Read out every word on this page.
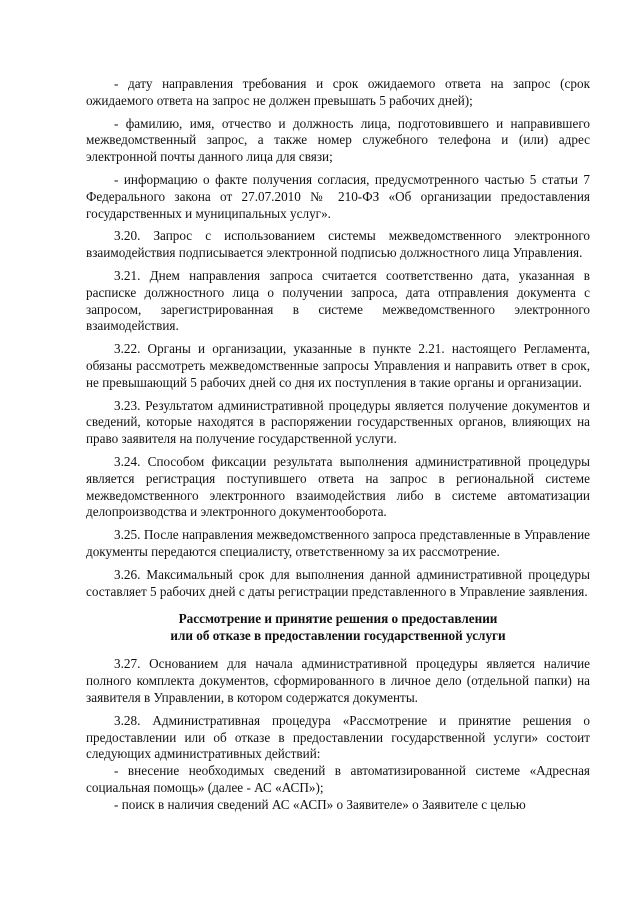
- дату направления требования и срок ожидаемого ответа на запрос (срок ожидаемого ответа на запрос не должен превышать 5 рабочих дней);

- фамилию, имя, отчество и должность лица, подготовившего и направившего межведомственный запрос, а также номер служебного телефона и (или) адрес электронной почты данного лица для связи;

- информацию о факте получения согласия, предусмотренного частью 5 статьи 7 Федерального закона от 27.07.2010 № 210-ФЗ «Об организации предоставления государственных и муниципальных услуг».

3.20. Запрос с использованием системы межведомственного электронного взаимодействия подписывается электронной подписью должностного лица Управления.

3.21. Днем направления запроса считается соответственно дата, указанная в расписке должностного лица о получении запроса, дата отправления документа с запросом, зарегистрированная в системе межведомственного электронного взаимодействия.

3.22. Органы и организации, указанные в пункте 2.21. настоящего Регламента, обязаны рассмотреть межведомственные запросы Управления и направить ответ в срок, не превышающий 5 рабочих дней со дня их поступления в такие органы и организации.

3.23. Результатом административной процедуры является получение документов и сведений, которые находятся в распоряжении государственных органов, влияющих на право заявителя на получение государственной услуги.

3.24. Способом фиксации результата выполнения административной процедуры является регистрация поступившего ответа на запрос в региональной системе межведомственного электронного взаимодействия либо в системе автоматизации делопроизводства и электронного документооборота.

3.25. После направления межведомственного запроса представленные в Управление документы передаются специалисту, ответственному за их рассмотрение.

3.26. Максимальный срок для выполнения данной административной процедуры составляет 5 рабочих дней с даты регистрации представленного в Управление заявления.

Рассмотрение и принятие решения о предоставлении
или об отказе в предоставлении государственной услуги

3.27. Основанием для начала административной процедуры является наличие полного комплекта документов, сформированного в личное дело (отдельной папки) на заявителя в Управлении, в котором содержатся документы.

3.28. Административная процедура «Рассмотрение и принятие решения о предоставлении или об отказе в предоставлении государственной услуги» состоит следующих административных действий:

- внесение необходимых сведений в автоматизированной системе «Адресная социальная помощь» (далее - АС «АСП»);

- поиск в наличия сведений АС «АСП» о Заявителе» о Заявителе с целью
